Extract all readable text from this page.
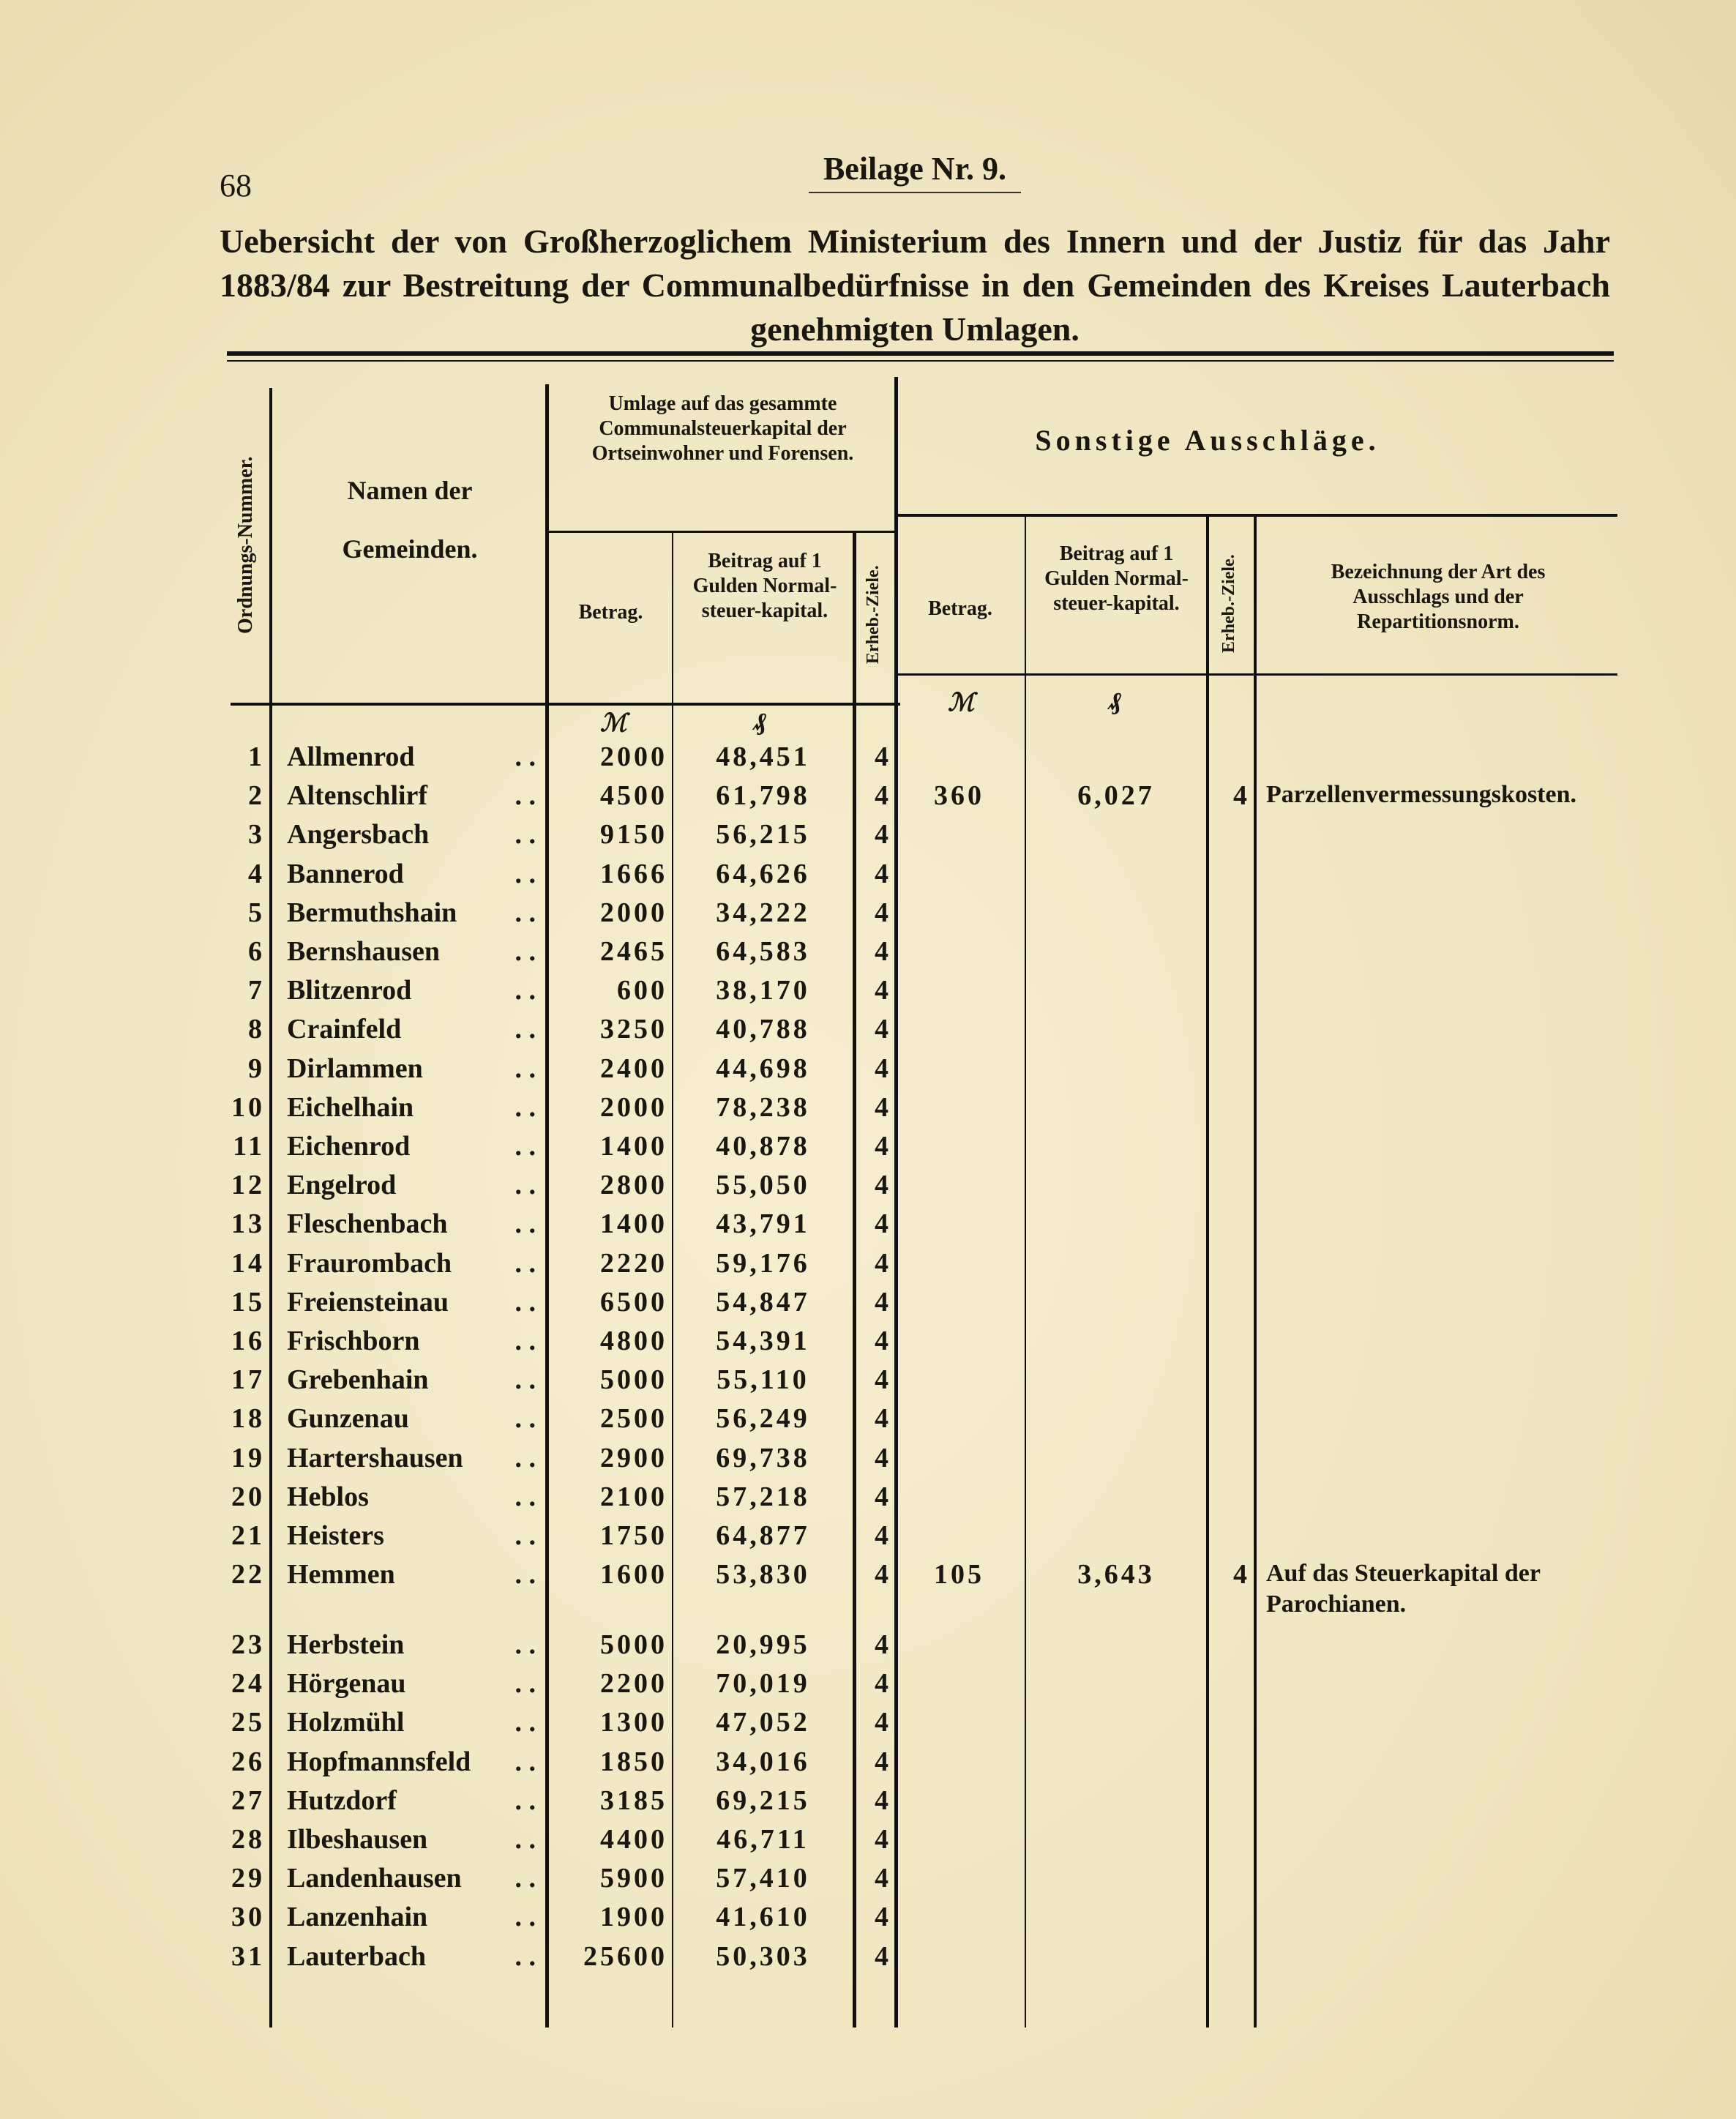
68	Beilage Nr. 9.
Uebersicht der von Großherzoglichem Ministerium des Innern und der Justiz für das Jahr 1883/84 zur Bestreitung der Communalbedürfnisse in den Gemeinden des Kreises Lauterbach genehmigten Umlagen.
Ordnungs-Nummer.	Namen der Gemeinden.
Umlage auf das gesammte Communalsteuerkapital der Ortseinwohner und Forensen.
Betrag.
Beitrag auf 1 Gulden Normal-steuer-kapital.	Erheb.-Ziele.
Sonstige Ausschläge.
Betrag.
Beitrag auf 1 Gulden Normal-steuer-kapital.	Erheb.-Ziele.	Bezeichnung der Art des Ausschlags und der Repartitionsnorm.
ℳ	₰
ℳ	₰
1 Allmenrod	. .	2000	48,451	4
2 Altenschlirf	. .	4500	61,798	4	360	6,027	4 Parzellenvermessungskosten.
3 Angersbach	. .	9150	56,215	4
4 Bannerod	. .	1666	64,626	4
5 Bermuthshain . .	2000	34,222	4
6 Bernshausen	. .	2465	64,583	4
7 Blitzenrod	. .	600	38,170	4
8 Crainfeld	. .	3250	40,788	4
9 Dirlammen	. .	2400	44,698	4
10 Eichelhain	. .	2000	78,238	4
11 Eichenrod	. .	1400	40,878	4
12 Engelrod	. .	2800	55,050	4
13 Fleschenbach . .	1400	43,791	4
14 Fraurombach . .	2220	59,176	4
15 Freiensteinau . .	6500	54,847	4
16 Frischborn	. .	4800	54,391	4
17 Grebenhain	. .	5000	55,110	4
18 Gunzenau	. .	2500	56,249	4
19 Hartershausen . .	2900	69,738	4
20 Heblos	. .	2100	57,218	4
21 Heisters	. .	1750	64,877	4
22 Hemmen	. .	1600	53,830	4	105	3,643	4 Auf das Steuerkapital der Parochianen.
23 Herbstein	. .	5000	20,995	4
24 Hörgenau	. .	2200	70,019	4
25 Holzmühl	. .	1300	47,052	4
26 Hopfmannsfeld . .	1850	34,016	4
27 Hutzdorf	. .	3185	69,215	4
28 Ilbeshausen	. .	4400	46,711	4
29 Landenhausen . .	5900	57,410	4
30 Lanzenhain	. .	1900	41,610	4
31 Lauterbach	. .	25600	50,303	4
